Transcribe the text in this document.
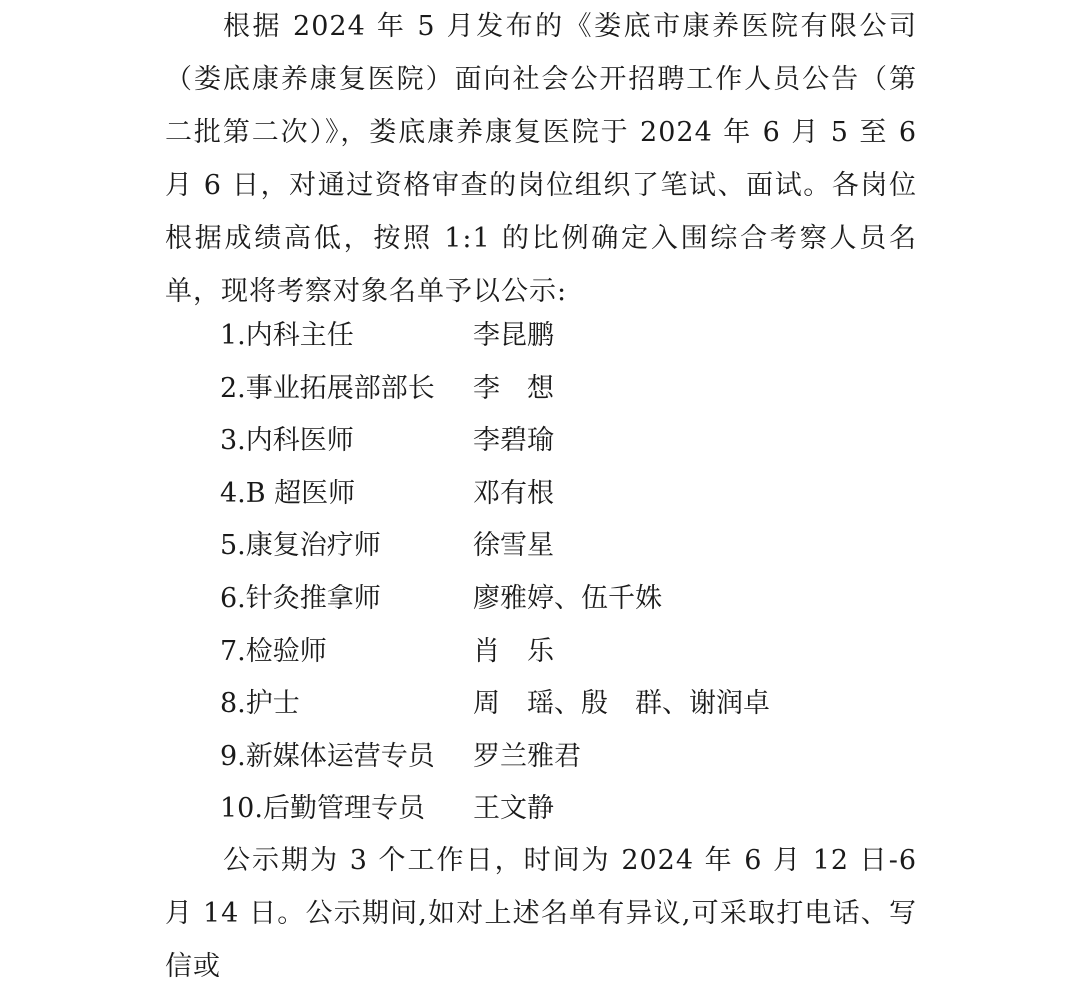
根据 2024 年 5 月发布的《娄底市康养医院有限公司（娄底康养康复医院）面向社会公开招聘工作人员公告（第二批第二次）》，娄底康养康复医院于 2024 年 6 月 5 至 6 月 6 日，对通过资格审查的岗位组织了笔试、面试。各岗位根据成绩高低，按照 1:1 的比例确定入围综合考察人员名单，现将考察对象名单予以公示:

1.内科主任	李昆鹏
2.事业拓展部部长 李　想
3.内科医师	李碧瑜
4.B 超医师	邓有根
5.康复治疗师	徐雪星
6.针灸推拿师	廖雅婷、伍千姝
7.检验师	肖　乐
8.护士	周　瑶、殷　群、谢润卓
9.新媒体运营专员 罗兰雅君
10.后勤管理专员 王文静

公示期为 3 个工作日，时间为 2024 年 6 月 12 日-6 月 14 日。公示期间,如对上述名单有异议,可采取打电话、写信或
